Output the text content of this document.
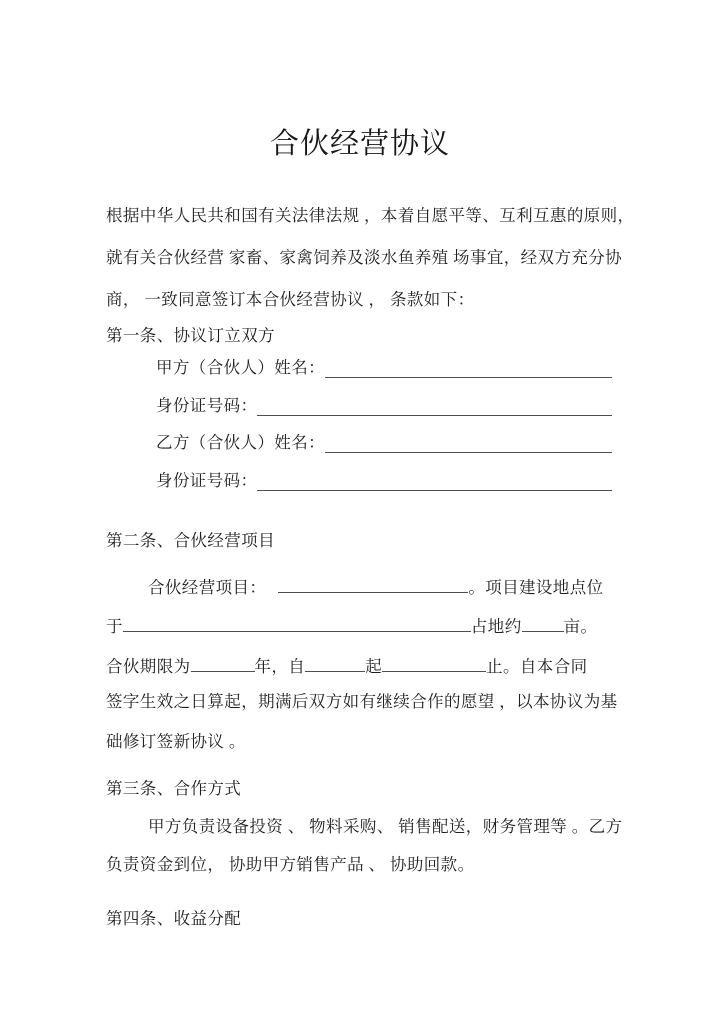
合伙经营协议
根据中华人民共和国有关法律法规 ，本着自愿平等、互利互惠的原则，
就有关合伙经营 家畜、家禽饲养及淡水鱼养殖 场事宜，经双方充分协
商， 一致同意签订本合伙经营协议 ， 条款如下：
第一条、协议订立双方
甲方（合伙人）姓名：
身份证号码：
乙方（合伙人）姓名：
身份证号码：
第二条、合伙经营项目
合伙经营项目：	。项目建设地点位
于	占地约	亩。
合伙期限为	年，自	起	止。自本合同
签字生效之日算起，期满后双方如有继续合作的愿望 ，以本协议为基
础修订签新协议 。
第三条、合作方式
甲方负责设备投资 、 物料采购、 销售配送，财务管理等 。乙方
负责资金到位， 协助甲方销售产品 、 协助回款。
第四条、收益分配
